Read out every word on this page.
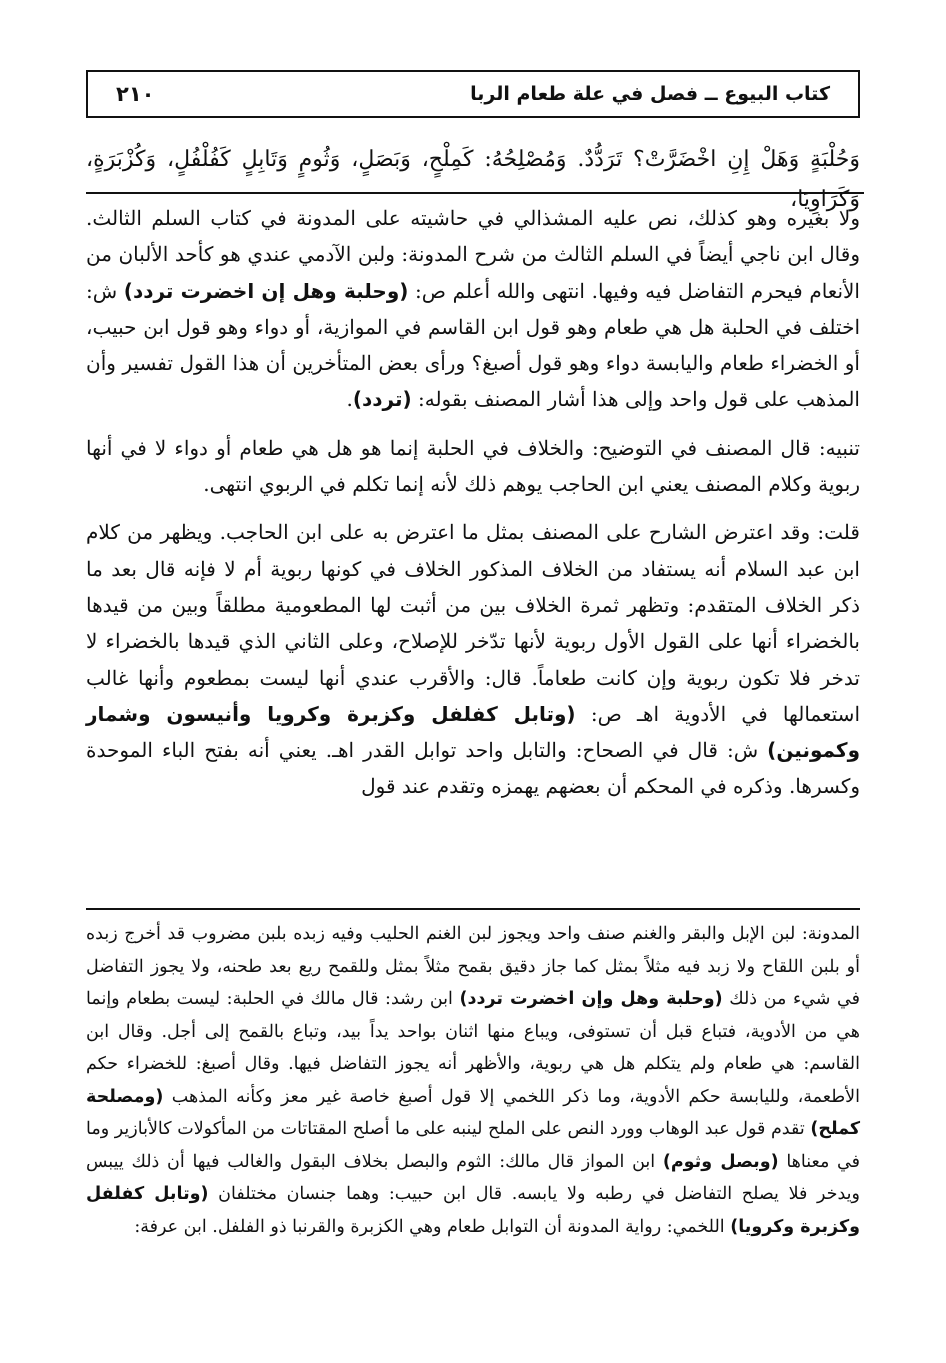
كتاب البيوع ــ فصل في علة طعام الربا
٢١٠
وَحُلْبَةٍ وَهَلْ إِنِ اخْضَرَّتْ؟ تَرَدُّدٌ. وَمُصْلِحُهُ: كَمِلْحٍ، وَبَصَلٍ، وَثُومٍ وَتَابِلٍ كَفُلْفُلٍ، وَكُزْبَرَةٍ، وَكَرَاوِيَا،

ولا بغيره وهو كذلك، نص عليه المشذالي في حاشيته على المدونة في كتاب السلم الثالث. وقال ابن ناجي أيضاً في السلم الثالث من شرح المدونة: ولبن الآدمي عندي هو كأحد الألبان من الأنعام فيحرم التفاضل فيه وفيها. انتهى والله أعلم ص: (وحلبة وهل إن اخضرت تردد) ش: اختلف في الحلبة هل هي طعام وهو قول ابن القاسم في الموازية، أو دواء وهو قول ابن حبيب، أو الخضراء طعام واليابسة دواء وهو قول أصبغ؟ ورأى بعض المتأخرين أن هذا القول تفسير وأن المذهب على قول واحد وإلى هذا أشار المصنف بقوله: (تردد).

تنبيه: قال المصنف في التوضيح: والخلاف في الحلبة إنما هو هل هي طعام أو دواء لا في أنها ربوية وكلام المصنف يعني ابن الحاجب يوهم ذلك لأنه إنما تكلم في الربوي انتهى.

قلت: وقد اعترض الشارح على المصنف بمثل ما اعترض به على ابن الحاجب. ويظهر من كلام ابن عبد السلام أنه يستفاد من الخلاف المذكور الخلاف في كونها ربوية أم لا فإنه قال بعد ما ذكر الخلاف المتقدم: وتظهر ثمرة الخلاف بين من أثبت لها المطعومية مطلقاً وبين من قيدها بالخضراء أنها على القول الأول ربوية لأنها تدّخر للإصلاح، وعلى الثاني الذي قيدها بالخضراء لا تدخر فلا تكون ربوية وإن كانت طعاماً. قال: والأقرب عندي أنها ليست بمطعوم وأنها غالب استعمالها في الأدوية اهـ ص: (وتابل كفلفل وكزبرة وكرويا وأنيسون وشمار وكمونين) ش: قال في الصحاح: والتابل واحد توابل القدر اهـ. يعني أنه بفتح الباء الموحدة وكسرها. وذكره في المحكم أن بعضهم يهمزه وتقدم عند قول

المدونة: لبن الإبل والبقر والغنم صنف واحد ويجوز لبن الغنم الحليب وفيه زبده بلبن مضروب قد أخرج زبده أو بلبن اللقاح ولا زبد فيه مثلاً بمثل كما جاز دقيق بقمح مثلاً بمثل وللقمح ريع بعد طحنه، ولا يجوز التفاضل في شيء من ذلك (وحلبة وهل وإن اخضرت تردد) ابن رشد: قال مالك في الحلبة: ليست بطعام وإنما هي من الأدوية، فتباع قبل أن تستوفى، ويباع منها اثنان بواحد يداً بيد، وتباع بالقمح إلى أجل. وقال ابن القاسم: هي طعام ولم يتكلم هل هي ربوية، والأظهر أنه يجوز التفاضل فيها. وقال أصبغ: للخضراء حكم الأطعمة، ولليابسة حكم الأدوية، وما ذكر اللخمي إلا قول أصبغ خاصة غير معز وكأنه المذهب (ومصلحة كملح) تقدم قول عبد الوهاب وورد النص على الملح لينبه على ما أصلح المقتاتات من المأكولات كالأبازير وما في معناها (وبصل وثوم) ابن المواز قال مالك: الثوم والبصل بخلاف البقول والغالب فيها أن ذلك ييبس ويدخر فلا يصلح التفاضل في رطبه ولا يابسه. قال ابن حبيب: وهما جنسان مختلفان (وتابل كفلفل وكزبرة وكرويا) اللخمي: رواية المدونة أن التوابل طعام وهي الكزبرة والقرنبا ذو الفلفل. ابن عرفة:
